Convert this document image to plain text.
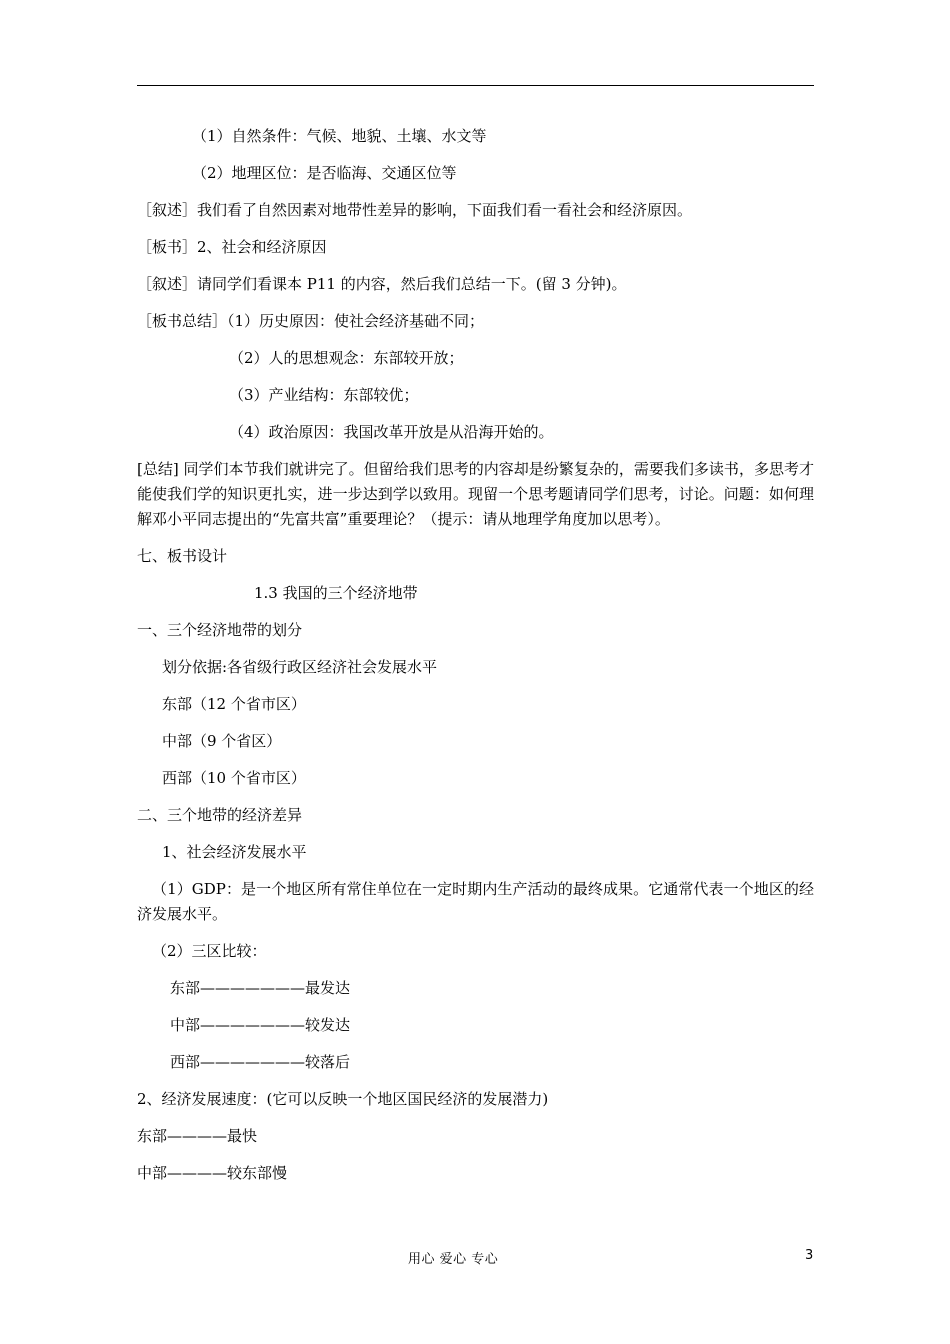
（1）自然条件：气候、地貌、土壤、水文等
（2）地理区位：是否临海、交通区位等
［叙述］我们看了自然因素对地带性差异的影响，下面我们看一看社会和经济原因。
［板书］2、社会和经济原因
［叙述］请同学们看课本 P11 的内容，然后我们总结一下。(留 3 分钟)。
［板书总结］（1）历史原因：使社会经济基础不同；
（2）人的思想观念：东部较开放；
（3）产业结构：东部较优；
（4）政治原因：我国改革开放是从沿海开始的。
[总结] 同学们本节我们就讲完了。但留给我们思考的内容却是纷繁复杂的，需要我们多读书，多思考才能使我们学的知识更扎实，进一步达到学以致用。现留一个思考题请同学们思考，讨论。问题：如何理解邓小平同志提出的“先富共富”重要理论？（提示：请从地理学角度加以思考）。
七、板书设计
1.3 我国的三个经济地带
一、三个经济地带的划分
划分依据:各省级行政区经济社会发展水平
东部（12 个省市区）
中部（9 个省区）
西部（10 个省市区）
二、三个地带的经济差异
1、社会经济发展水平
（1）GDP：是一个地区所有常住单位在一定时期内生产活动的最终成果。它通常代表一个地区的经济发展水平。
（2）三区比较：
东部———————最发达
中部———————较发达
西部———————较落后
2、经济发展速度：(它可以反映一个地区国民经济的发展潜力)
东部————最快
中部————较东部慢
用心 爱心 专心	3
